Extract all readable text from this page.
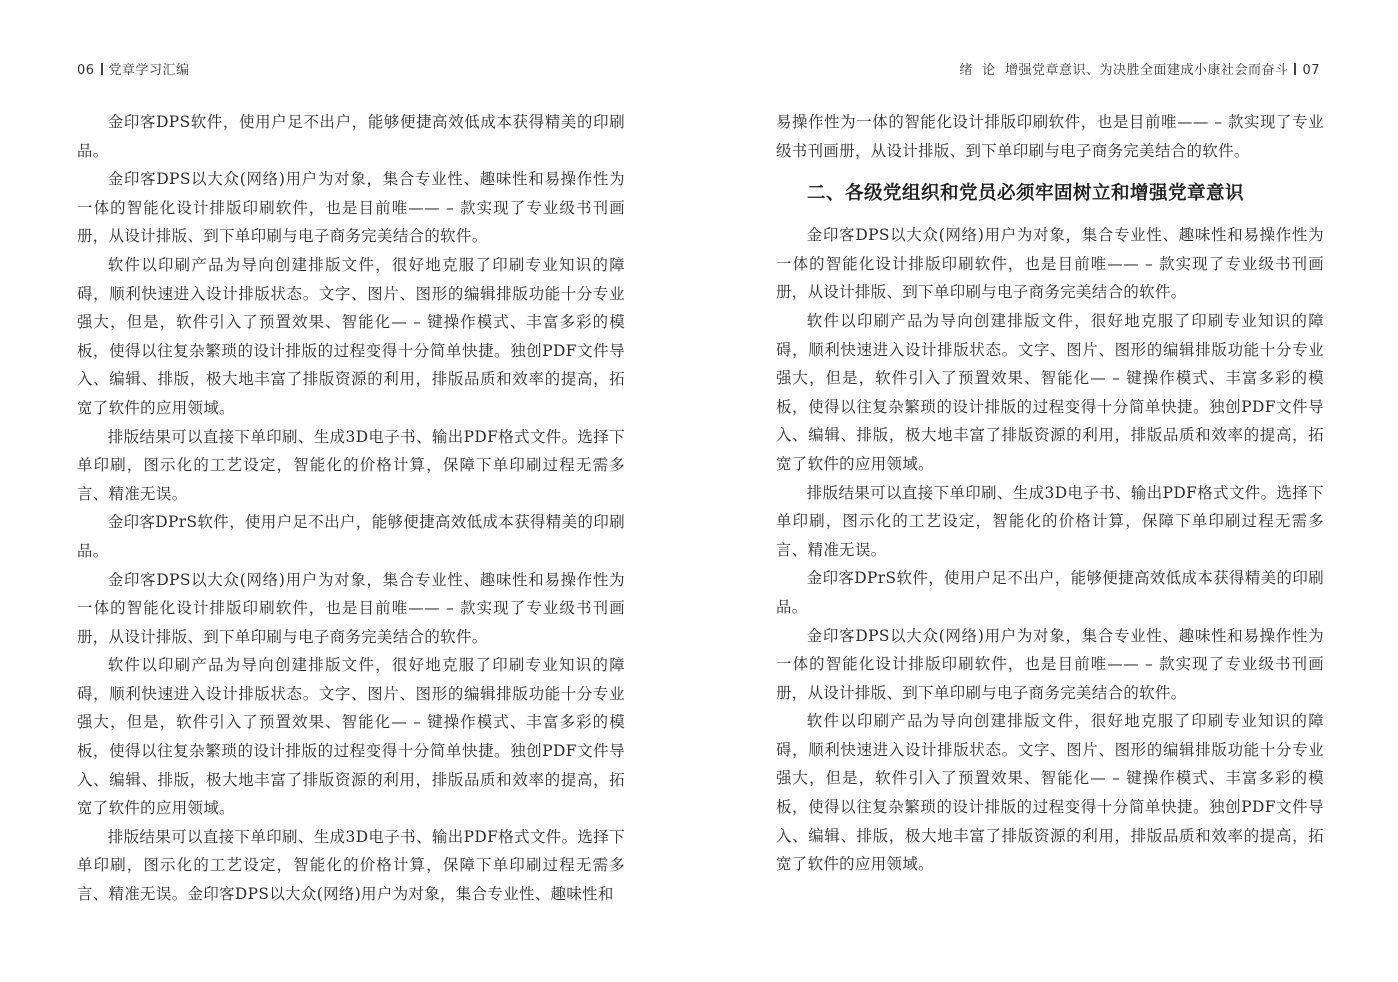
06 党章学习汇编

金印客DPS软件，使用户足不出户，能够便捷高效低成本获得精美的印刷品。

金印客DPS以大众(网络)用户为对象，集合专业性、趣味性和易操作性为一体的智能化设计排版印刷软件，也是目前唯—— – 款实现了专业级书刊画册，从设计排版、到下单印刷与电子商务完美结合的软件。

软件以印刷产品为导向创建排版文件，很好地克服了印刷专业知识的障碍，顺利快速进入设计排版状态。文字、图片、图形的编辑排版功能十分专业强大，但是，软件引入了预置效果、智能化— – 键操作模式、丰富多彩的模板，使得以往复杂繁琐的设计排版的过程变得十分简单快捷。独创PDF文件导入、编辑、排版，极大地丰富了排版资源的利用，排版品质和效率的提高，拓宽了软件的应用领域。

排版结果可以直接下单印刷、生成3D电子书、输出PDF格式文件。选择下单印刷，图示化的工艺设定，智能化的价格计算，保障下单印刷过程无需多言、精准无误。

金印客DPrS软件，使用户足不出户，能够便捷高效低成本获得精美的印刷品。

金印客DPS以大众(网络)用户为对象，集合专业性、趣味性和易操作性为一体的智能化设计排版印刷软件，也是目前唯—— – 款实现了专业级书刊画册，从设计排版、到下单印刷与电子商务完美结合的软件。

软件以印刷产品为导向创建排版文件，很好地克服了印刷专业知识的障碍，顺利快速进入设计排版状态。文字、图片、图形的编辑排版功能十分专业强大，但是，软件引入了预置效果、智能化— – 键操作模式、丰富多彩的模板，使得以往复杂繁琐的设计排版的过程变得十分简单快捷。独创PDF文件导入、编辑、排版，极大地丰富了排版资源的利用，排版品质和效率的提高，拓宽了软件的应用领域。

排版结果可以直接下单印刷、生成3D电子书、输出PDF格式文件。选择下单印刷，图示化的工艺设定，智能化的价格计算，保障下单印刷过程无需多言、精准无误。金印客DPS以大众(网络)用户为对象，集合专业性、趣味性和

绪  论 增强党章意识、为决胜全面建成小康社会而奋斗 07

易操作性为一体的智能化设计排版印刷软件，也是目前唯—— – 款实现了专业级书刊画册，从设计排版、到下单印刷与电子商务完美结合的软件。

二、各级党组织和党员必须牢固树立和增强党章意识

金印客DPS以大众(网络)用户为对象，集合专业性、趣味性和易操作性为一体的智能化设计排版印刷软件，也是目前唯—— – 款实现了专业级书刊画册，从设计排版、到下单印刷与电子商务完美结合的软件。

软件以印刷产品为导向创建排版文件，很好地克服了印刷专业知识的障碍，顺利快速进入设计排版状态。文字、图片、图形的编辑排版功能十分专业强大，但是，软件引入了预置效果、智能化— – 键操作模式、丰富多彩的模板，使得以往复杂繁琐的设计排版的过程变得十分简单快捷。独创PDF文件导入、编辑、排版，极大地丰富了排版资源的利用，排版品质和效率的提高，拓宽了软件的应用领域。

排版结果可以直接下单印刷、生成3D电子书、输出PDF格式文件。选择下单印刷，图示化的工艺设定，智能化的价格计算，保障下单印刷过程无需多言、精准无误。

金印客DPrS软件，使用户足不出户，能够便捷高效低成本获得精美的印刷品。

金印客DPS以大众(网络)用户为对象，集合专业性、趣味性和易操作性为一体的智能化设计排版印刷软件，也是目前唯—— – 款实现了专业级书刊画册，从设计排版、到下单印刷与电子商务完美结合的软件。

软件以印刷产品为导向创建排版文件，很好地克服了印刷专业知识的障碍，顺利快速进入设计排版状态。文字、图片、图形的编辑排版功能十分专业强大，但是，软件引入了预置效果、智能化— – 键操作模式、丰富多彩的模板，使得以往复杂繁琐的设计排版的过程变得十分简单快捷。独创PDF文件导入、编辑、排版，极大地丰富了排版资源的利用，排版品质和效率的提高，拓宽了软件的应用领域。
